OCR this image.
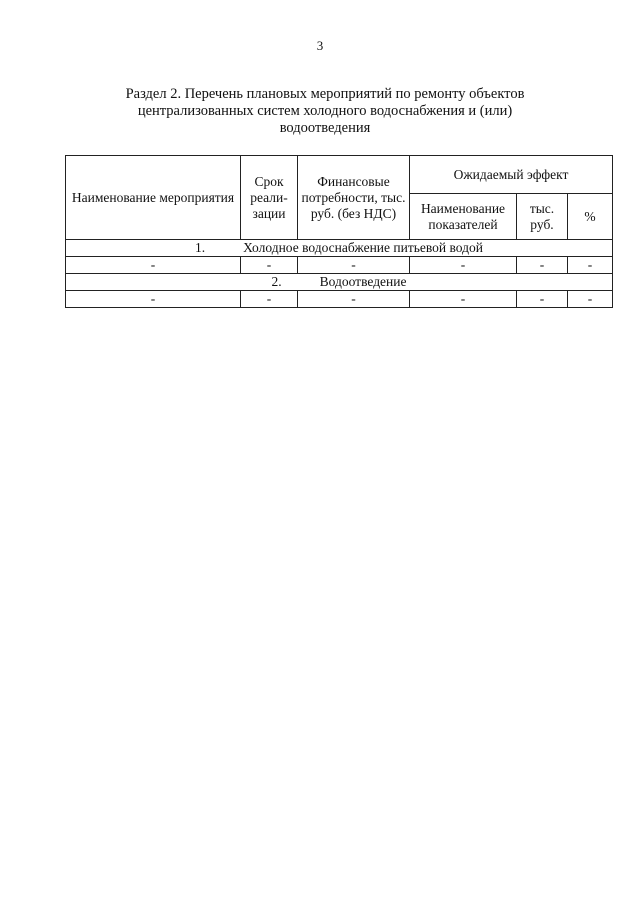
3
Раздел 2. Перечень плановых мероприятий по ремонту объектов
централизованных систем холодного водоснабжения и (или)
водоотведения
Наименование мероприятия	Срок реали-зации	Финансовые потребности, тыс. руб. (без НДС)	Ожидаемый эффект		
			Наименование показателей	тыс. руб.	%
1. Холодное водоснабжение питьевой водой					
-	-	-	-	-	-
2. Водоотведение					
-	-	-	-	-	-
